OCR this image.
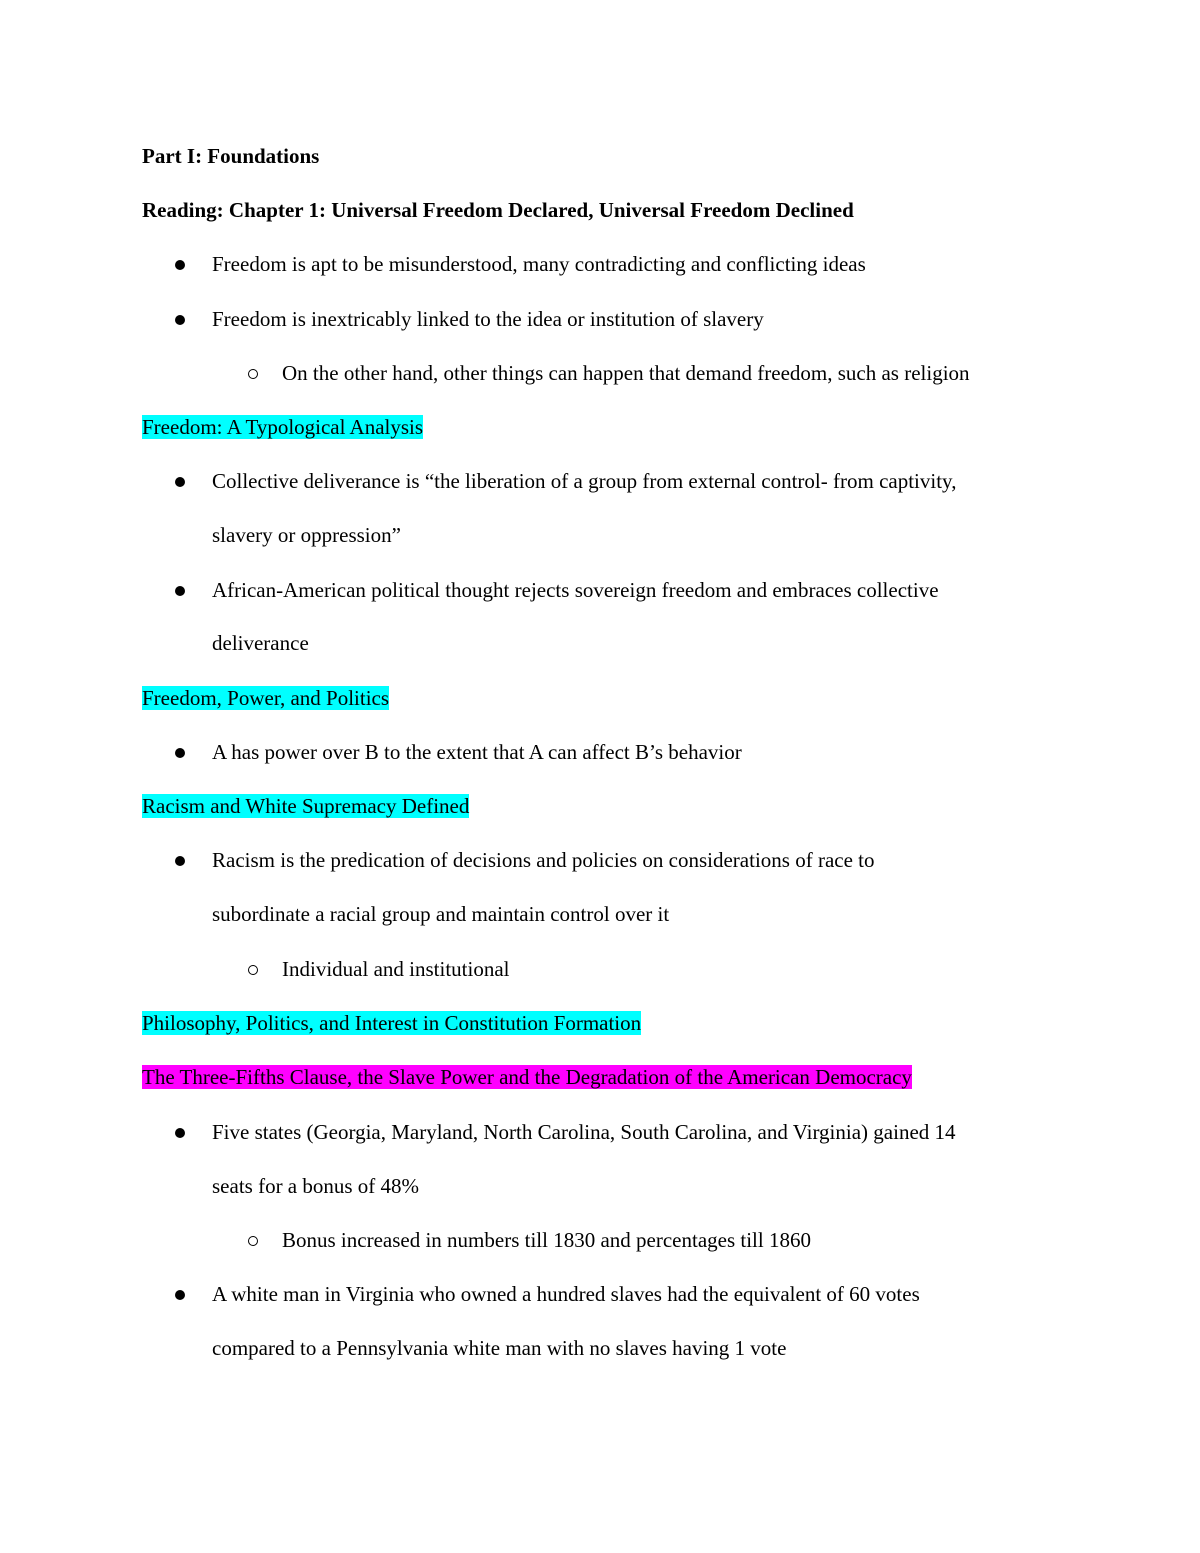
Part I: Foundations
Reading: Chapter 1: Universal Freedom Declared, Universal Freedom Declined
Freedom is apt to be misunderstood, many contradicting and conflicting ideas
Freedom is inextricably linked to the idea or institution of slavery
On the other hand, other things can happen that demand freedom, such as religion
Freedom: A Typological Analysis
Collective deliverance is “the liberation of a group from external control- from captivity,
slavery or oppression”
African-American political thought rejects sovereign freedom and embraces collective
deliverance
Freedom, Power, and Politics
A has power over B to the extent that A can affect B’s behavior
Racism and White Supremacy Defined
Racism is the predication of decisions and policies on considerations of race to
subordinate a racial group and maintain control over it
Individual and institutional
Philosophy, Politics, and Interest in Constitution Formation
The Three-Fifths Clause, the Slave Power and the Degradation of the American Democracy
Five states (Georgia, Maryland, North Carolina, South Carolina, and Virginia) gained 14
seats for a bonus of 48%
Bonus increased in numbers till 1830 and percentages till 1860
A white man in Virginia who owned a hundred slaves had the equivalent of 60 votes
compared to a Pennsylvania white man with no slaves having 1 vote
